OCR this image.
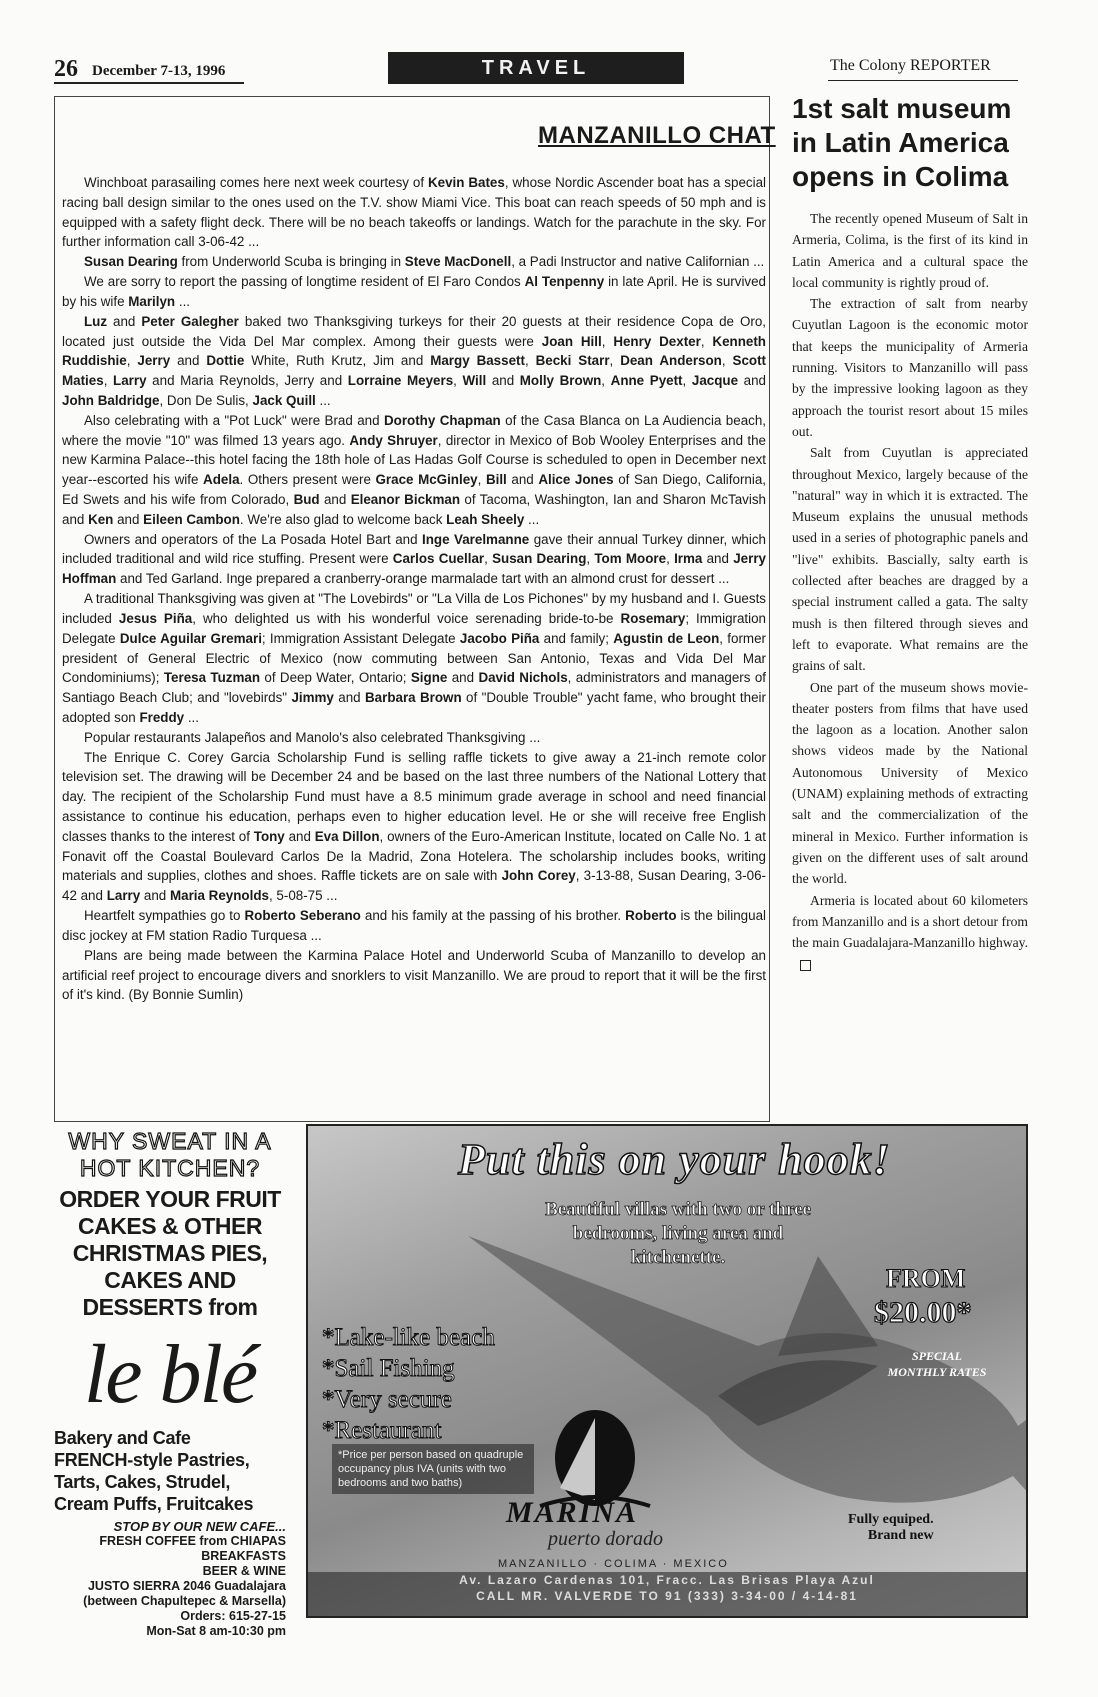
26 December 7-13, 1996	TRAVEL	The Colony REPORTER
MANZANILLO CHAT

Winchboat parasailing comes here next week courtesy of Kevin Bates, whose Nordic Ascender boat has a special racing ball design similar to the ones used on the T.V. show Miami Vice. This boat can reach speeds of 50 mph and is equipped with a safety flight deck. There will be no beach takeoffs or landings. Watch for the parachute in the sky. For further information call 3-06-42 ...

Susan Dearing from Underworld Scuba is bringing in Steve MacDonell, a Padi Instructor and native Californian ...

We are sorry to report the passing of longtime resident of El Faro Condos Al Tenpenny in late April. He is survived by his wife Marilyn ...

Luz and Peter Galegher baked two Thanksgiving turkeys for their 20 guests at their residence Copa de Oro, located just outside the Vida Del Mar complex. Among their guests were Joan Hill, Henry Dexter, Kenneth Ruddishie, Jerry and Dottie White, Ruth Krutz, Jim and Margy Bassett, Becki Starr, Dean Anderson, Scott Maties, Larry and Maria Reynolds, Jerry and Lorraine Meyers, Will and Molly Brown, Anne Pyett, Jacque and John Baldridge, Don De Sulis, Jack Quill ...

Also celebrating with a "Pot Luck" were Brad and Dorothy Chapman of the Casa Blanca on La Audiencia beach, where the movie "10" was filmed 13 years ago. Andy Shruyer, director in Mexico of Bob Wooley Enterprises and the new Karmina Palace--this hotel facing the 18th hole of Las Hadas Golf Course is scheduled to open in December next year--escorted his wife Adela. Others present were Grace McGinley, Bill and Alice Jones of San Diego, California, Ed Swets and his wife from Colorado, Bud and Eleanor Bickman of Tacoma, Washington, Ian and Sharon McTavish and Ken and Eileen Cambon. We're also glad to welcome back Leah Sheely ...

Owners and operators of the La Posada Hotel Bart and Inge Varelmanne gave their annual Turkey dinner, which included traditional and wild rice stuffing. Present were Carlos Cuellar, Susan Dearing, Tom Moore, Irma and Jerry Hoffman and Ted Garland. Inge prepared a cranberry-orange marmalade tart with an almond crust for dessert ...

A traditional Thanksgiving was given at "The Lovebirds" or "La Villa de Los Pichones" by my husband and I. Guests included Jesus Piña, who delighted us with his wonderful voice serenading bride-to-be Rosemary; Immigration Delegate Dulce Aguilar Gremari; Immigration Assistant Delegate Jacobo Piña and family; Agustin de Leon, former president of General Electric of Mexico (now commuting between San Antonio, Texas and Vida Del Mar Condominiums); Teresa Tuzman of Deep Water, Ontario; Signe and David Nichols, administrators and managers of Santiago Beach Club; and "lovebirds" Jimmy and Barbara Brown of "Double Trouble" yacht fame, who brought their adopted son Freddy ...

Popular restaurants Jalapeños and Manolo's also celebrated Thanksgiving ...

The Enrique C. Corey Garcia Scholarship Fund is selling raffle tickets to give away a 21-inch remote color television set. The drawing will be December 24 and be based on the last three numbers of the National Lottery that day. The recipient of the Scholarship Fund must have a 8.5 minimum grade average in school and need financial assistance to continue his education, perhaps even to higher education level. He or she will receive free English classes thanks to the interest of Tony and Eva Dillon, owners of the Euro-American Institute, located on Calle No. 1 at Fonavit off the Coastal Boulevard Carlos De la Madrid, Zona Hotelera. The scholarship includes books, writing materials and supplies, clothes and shoes. Raffle tickets are on sale with John Corey, 3-13-88, Susan Dearing, 3-06-42 and Larry and Maria Reynolds, 5-08-75 ...

Heartfelt sympathies go to Roberto Seberano and his family at the passing of his brother. Roberto is the bilingual disc jockey at FM station Radio Turquesa ...

Plans are being made between the Karmina Palace Hotel and Underworld Scuba of Manzanillo to develop an artificial reef project to encourage divers and snorklers to visit Manzanillo. We are proud to report that it will be the first of it's kind. (By Bonnie Sumlin)

1st salt museum
in Latin America
opens in Colima

The recently opened Museum of Salt in Armeria, Colima, is the first of its kind in Latin America and a cultural space the local community is rightly proud of.

The extraction of salt from nearby Cuyutlan Lagoon is the economic motor that keeps the municipality of Armeria running. Visitors to Manzanillo will pass by the impressive looking lagoon as they approach the tourist resort about 15 miles out.

Salt from Cuyutlan is appreciated throughout Mexico, largely because of the "natural" way in which it is extracted. The Museum explains the unusual methods used in a series of photographic panels and "live" exhibits. Bascially, salty earth is collected after beaches are dragged by a special instrument called a gata. The salty mush is then filtered through sieves and left to evaporate. What remains are the grains of salt.

One part of the museum shows movie-theater posters from films that have used the lagoon as a location. Another salon shows videos made by the National Autonomous University of Mexico (UNAM) explaining methods of extracting salt and the commercialization of the mineral in Mexico. Further information is given on the different uses of salt around the world.

Armeria is located about 60 kilometers from Manzanillo and is a short detour from the main Guadalajara-Manzanillo highway.

WHY SWEAT IN A
HOT KITCHEN?
ORDER YOUR FRUIT
CAKES & OTHER
CHRISTMAS PIES,
CAKES AND
DESSERTS from
le blé
Bakery and Cafe
FRENCH-style Pastries,
Tarts, Cakes, Strudel,
Cream Puffs, Fruitcakes
STOP BY OUR NEW CAFE...
FRESH COFFEE from CHIAPAS
BREAKFASTS
BEER & WINE
JUSTO SIERRA 2046 Guadalajara
(between Chapultepec & Marsella)
Orders: 615-27-15
Mon-Sat 8 am-10:30 pm
Put this on your hook!
Beautiful villas with two or three bedrooms, living area and kitchenette.
FROM
$20.00*
SPECIAL MONTHLY RATES
*Lake-like beach
*Sail Fishing
*Very secure
*Restaurant
*Price per person based on quadruple occupancy plus IVA (units with two bedrooms and two baths)
MARINA
puerto dorado
MANZANILLO · COLIMA · MEXICO
Fully equiped.
Brand new
Av. Lazaro Cardenas 101, Fracc. Las Brisas Playa Azul
CALL MR. VALVERDE TO 91 (333) 3-34-00 / 4-14-81
